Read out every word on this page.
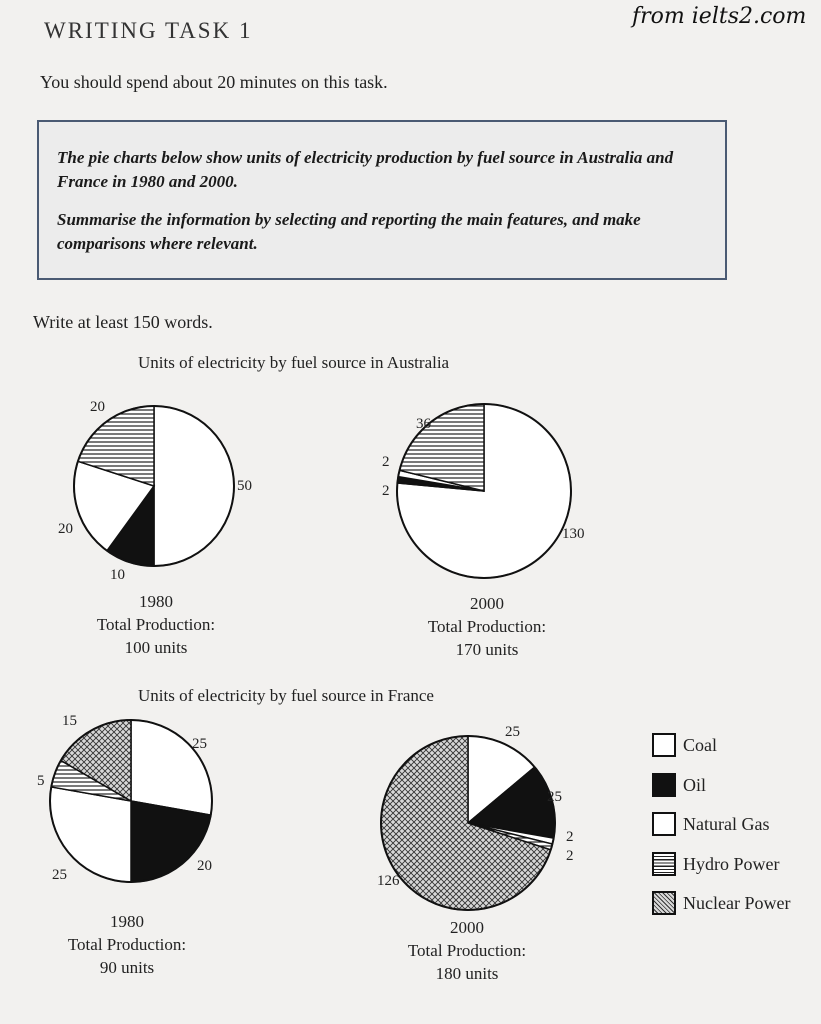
from ielts2.com
WRITING TASK 1
You should spend about 20 minutes on this task.
The pie charts below show units of electricity production by fuel source in Australia and France in 1980 and 2000.
Summarise the information by selecting and reporting the main features, and make comparisons where relevant.
Write at least 150 words.
Units of electricity by fuel source in Australia
Units of electricity by fuel source in France
1980
Total Production:
100 units
2000
Total Production:
170 units
1980
Total Production:
90 units
2000
Total Production:
180 units
50
10
20
20
130
2
2
36
25
20
25
5
15
25
25
2
2
126
Coal
Oil
Natural Gas
Hydro Power
Nuclear Power
